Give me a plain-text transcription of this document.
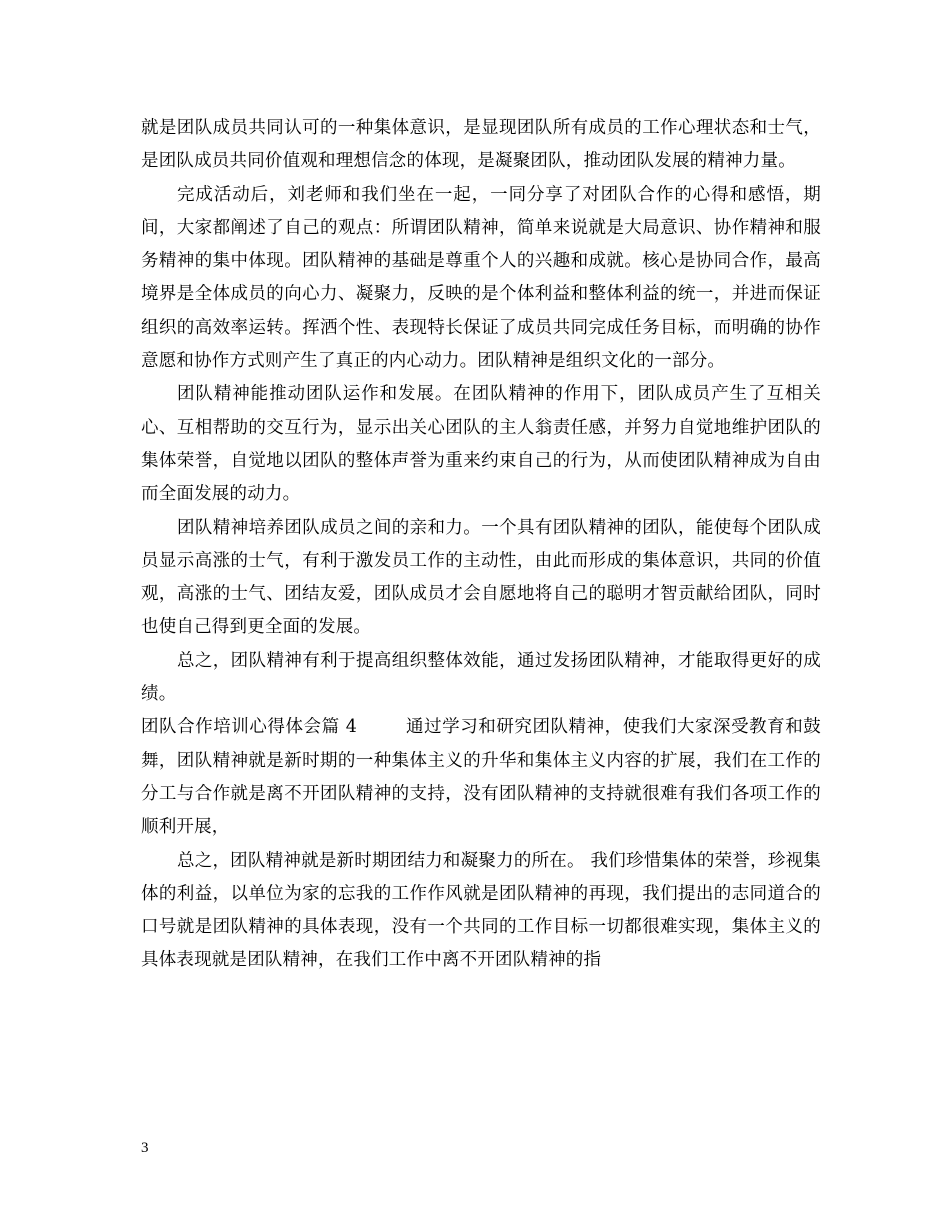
就是团队成员共同认可的一种集体意识，是显现团队所有成员的工作心理状态和士气，是团队成员共同价值观和理想信念的体现，是凝聚团队，推动团队发展的精神力量。

完成活动后，刘老师和我们坐在一起，一同分享了对团队合作的心得和感悟，期间，大家都阐述了自己的观点：所谓团队精神，简单来说就是大局意识、协作精神和服务精神的集中体现。团队精神的基础是尊重个人的兴趣和成就。核心是协同合作，最高境界是全体成员的向心力、凝聚力，反映的是个体利益和整体利益的统一，并进而保证组织的高效率运转。挥洒个性、表现特长保证了成员共同完成任务目标，而明确的协作意愿和协作方式则产生了真正的内心动力。团队精神是组织文化的一部分。

团队精神能推动团队运作和发展。在团队精神的作用下，团队成员产生了互相关心、互相帮助的交互行为，显示出关心团队的主人翁责任感，并努力自觉地维护团队的集体荣誉，自觉地以团队的整体声誉为重来约束自己的行为，从而使团队精神成为自由而全面发展的动力。

团队精神培养团队成员之间的亲和力。一个具有团队精神的团队，能使每个团队成员显示高涨的士气，有利于激发员工作的主动性，由此而形成的集体意识，共同的价值观，高涨的士气、团结友爱，团队成员才会自愿地将自己的聪明才智贡献给团队，同时也使自己得到更全面的发展。

总之，团队精神有利于提高组织整体效能，通过发扬团队精神，才能取得更好的成绩。

团队合作培训心得体会篇 4	通过学习和研究团队精神，使我们大家深受教育和鼓舞，团队精神就是新时期的一种集体主义的升华和集体主义内容的扩展，我们在工作的分工与合作就是离不开团队精神的支持，没有团队精神的支持就很难有我们各项工作的顺利开展，

总之，团队精神就是新时期团结力和凝聚力的所在。 我们珍惜集体的荣誉，珍视集体的利益，以单位为家的忘我的工作作风就是团队精神的再现，我们提出的志同道合的口号就是团队精神的具体表现，没有一个共同的工作目标一切都很难实现，集体主义的具体表现就是团队精神，在我们工作中离不开团队精神的指

3
